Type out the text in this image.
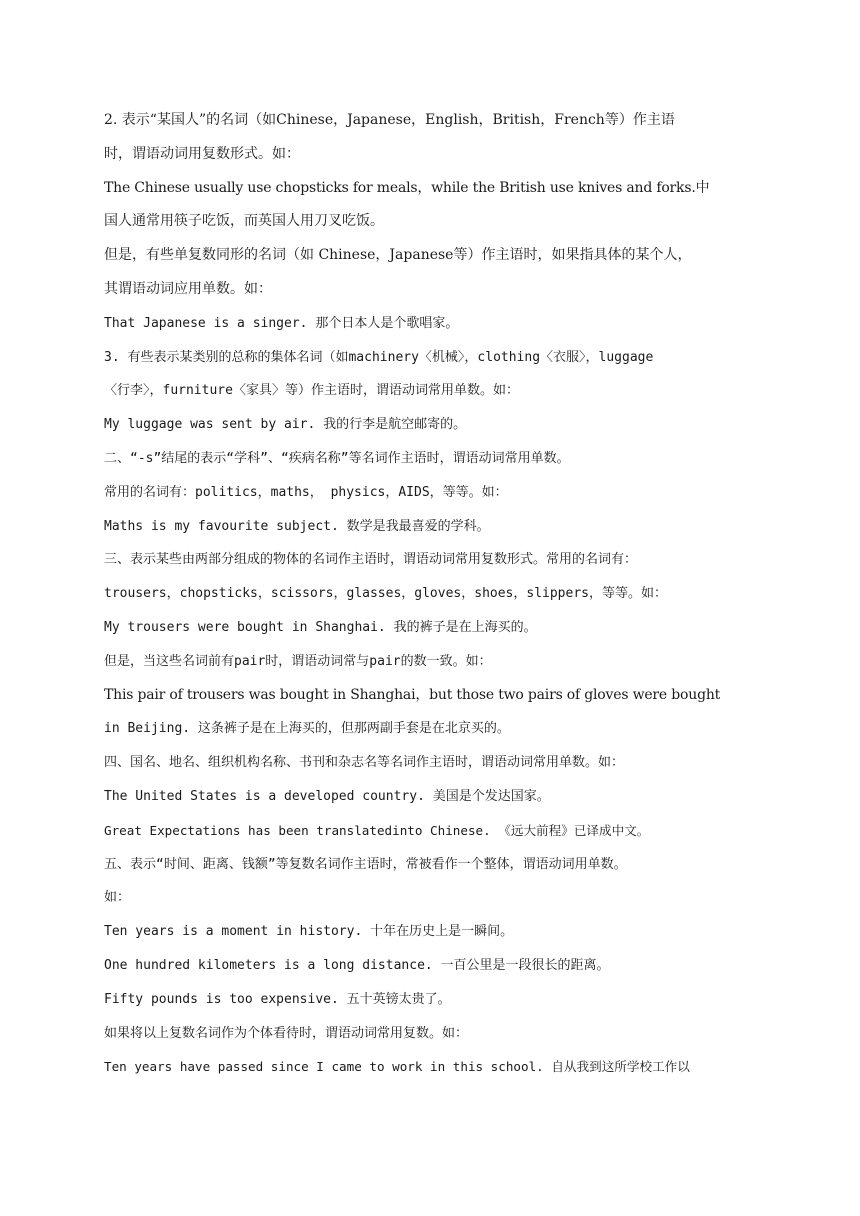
2. 表示“某国人”的名词（如Chinese，Japanese，English，British，French等）作主语
时，谓语动词用复数形式。如：
The Chinese usually use chopsticks for meals，while the British use knives and forks.中
国人通常用筷子吃饭，而英国人用刀叉吃饭。
但是，有些单复数同形的名词（如 Chinese，Japanese等）作主语时，如果指具体的某个人，
其谓语动词应用单数。如：
That Japanese is a singer. 那个日本人是个歌唱家。
3. 有些表示某类别的总称的集体名词（如machinery〈机械〉，clothing〈衣服〉，luggage
〈行李〉，furniture〈家具〉等）作主语时，谓语动词常用单数。如：
My luggage was sent by air. 我的行李是航空邮寄的。
二、“-s”结尾的表示“学科”、“疾病名称”等名词作主语时，谓语动词常用单数。
常用的名词有：politics，maths， physics，AIDS，等等。如：
Maths is my favourite subject. 数学是我最喜爱的学科。
三、表示某些由两部分组成的物体的名词作主语时，谓语动词常用复数形式。常用的名词有：
trousers，chopsticks，scissors，glasses，gloves，shoes，slippers，等等。如：
My trousers were bought in Shanghai. 我的裤子是在上海买的。
但是，当这些名词前有pair时，谓语动词常与pair的数一致。如：
This pair of trousers was bought in Shanghai，but those two pairs of gloves were bought
in Beijing. 这条裤子是在上海买的，但那两副手套是在北京买的。
四、国名、地名、组织机构名称、书刊和杂志名等名词作主语时，谓语动词常用单数。如：
The United States is a developed country. 美国是个发达国家。
Great Expectations has been translatedinto Chinese. 《远大前程》已译成中文。
五、表示“时间、距离、钱额”等复数名词作主语时，常被看作一个整体，谓语动词用单数。
如：
Ten years is a moment in history. 十年在历史上是一瞬间。
One hundred kilometers is a long distance. 一百公里是一段很长的距离。
Fifty pounds is too expensive. 五十英镑太贵了。
如果将以上复数名词作为个体看待时，谓语动词常用复数。如：
Ten years have passed since I came to work in this school. 自从我到这所学校工作以
